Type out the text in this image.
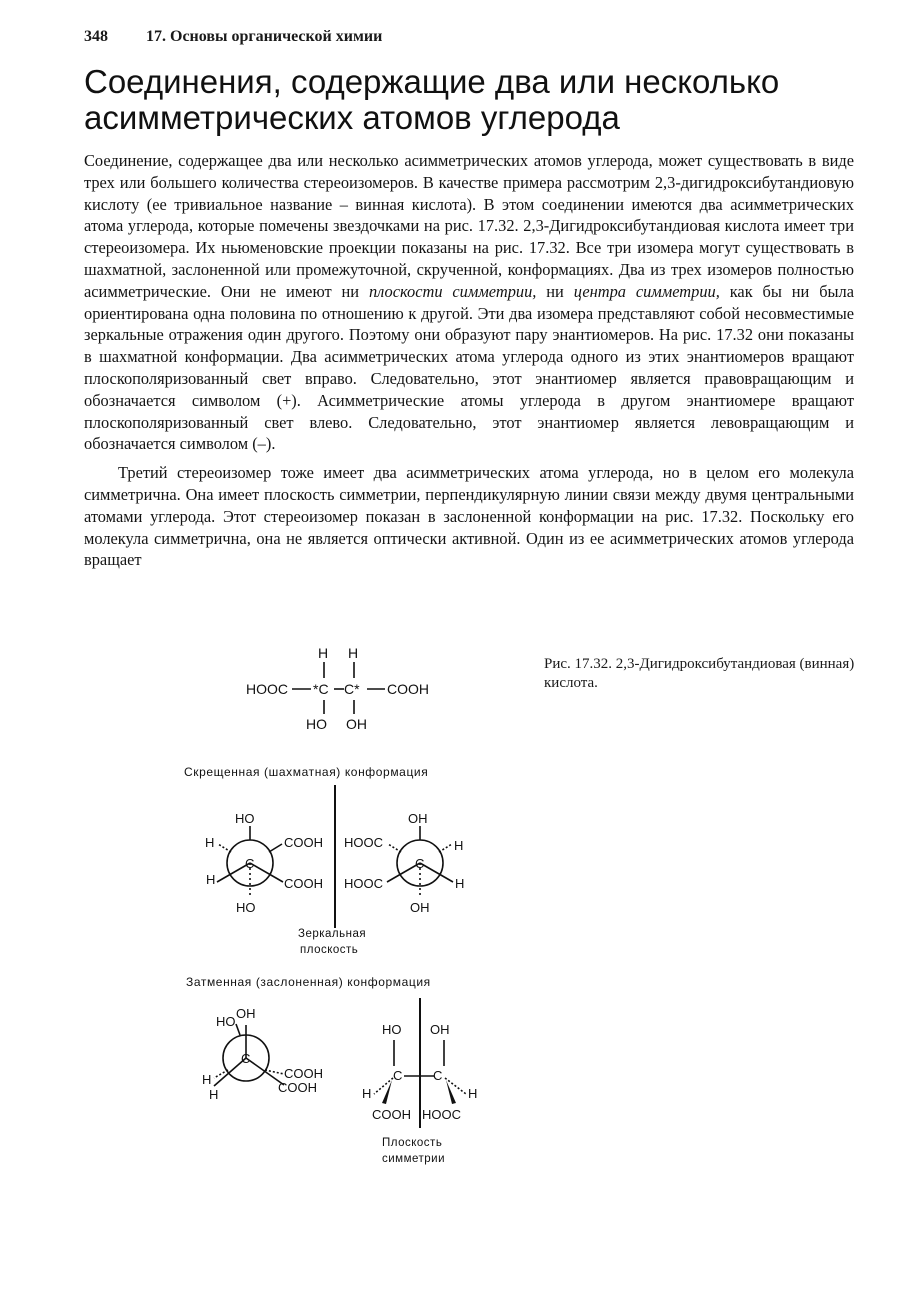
348 17. Основы органической химии
Соединения, содержащие два или несколько асимметрических атомов углерода

Соединение, содержащее два или несколько асимметрических атомов углерода, может существовать в виде трех или большего количества стереоизомеров. В качестве примера рассмотрим 2,3-дигидроксибутандиовую кислоту (ее тривиальное название – винная кислота). В этом соединении имеются два асимметрических атома углерода, которые помечены звездочками на рис. 17.32. 2,3-Дигидроксибутандиовая кислота имеет три стереоизомера. Их ньюменовские проекции показаны на рис. 17.32. Все три изомера могут существовать в шахматной, заслоненной или промежуточной, скрученной, конформациях. Два из трех изомеров полностью асимметрические. Они не имеют ни плоскости симметрии, ни центра симметрии, как бы ни была ориентирована одна половина по отношению к другой. Эти два изомера представляют собой несовместимые зеркальные отражения один другого. Поэтому они образуют пару энантиомеров. На рис. 17.32 они показаны в шахматной конформации. Два асимметрических атома углерода одного из этих энантиомеров вращают плоскополяризованный свет вправо. Следовательно, этот энантиомер является правовращающим и обозначается символом (+). Асимметрические атомы углерода в другом энантиомере вращают плоскополяризованный свет влево. Следовательно, этот энантиомер является левовращающим и обозначается символом (–).

Третий стереоизомер тоже имеет два асимметрических атома углерода, но в целом его молекула симметрична. Она имеет плоскость симметрии, перпендикулярную линии связи между двумя центральными атомами углерода. Этот стереоизомер показан в заслоненной конформации на рис. 17.32. Поскольку его молекула симметрична, она не является оптически активной. Один из ее асимметрических атомов углерода вращает

Рис. 17.32. 2,3-Дигидроксибутандиовая (винная) кислота.
H H
HOOC *C C* COOH
HO OH
Скрещенная (шахматная) конформация
HO
COOH
H
C
COOH
H
HO
OH
HOOC	H
C
HOOC	H
OH
Зеркальная
плоскость
Затменная (заслоненная) конформация
HO
OH
C
COOH
COOH
H
H
HO OH
C C
H	H
COOH HOOC
Плоскость
симметрии
